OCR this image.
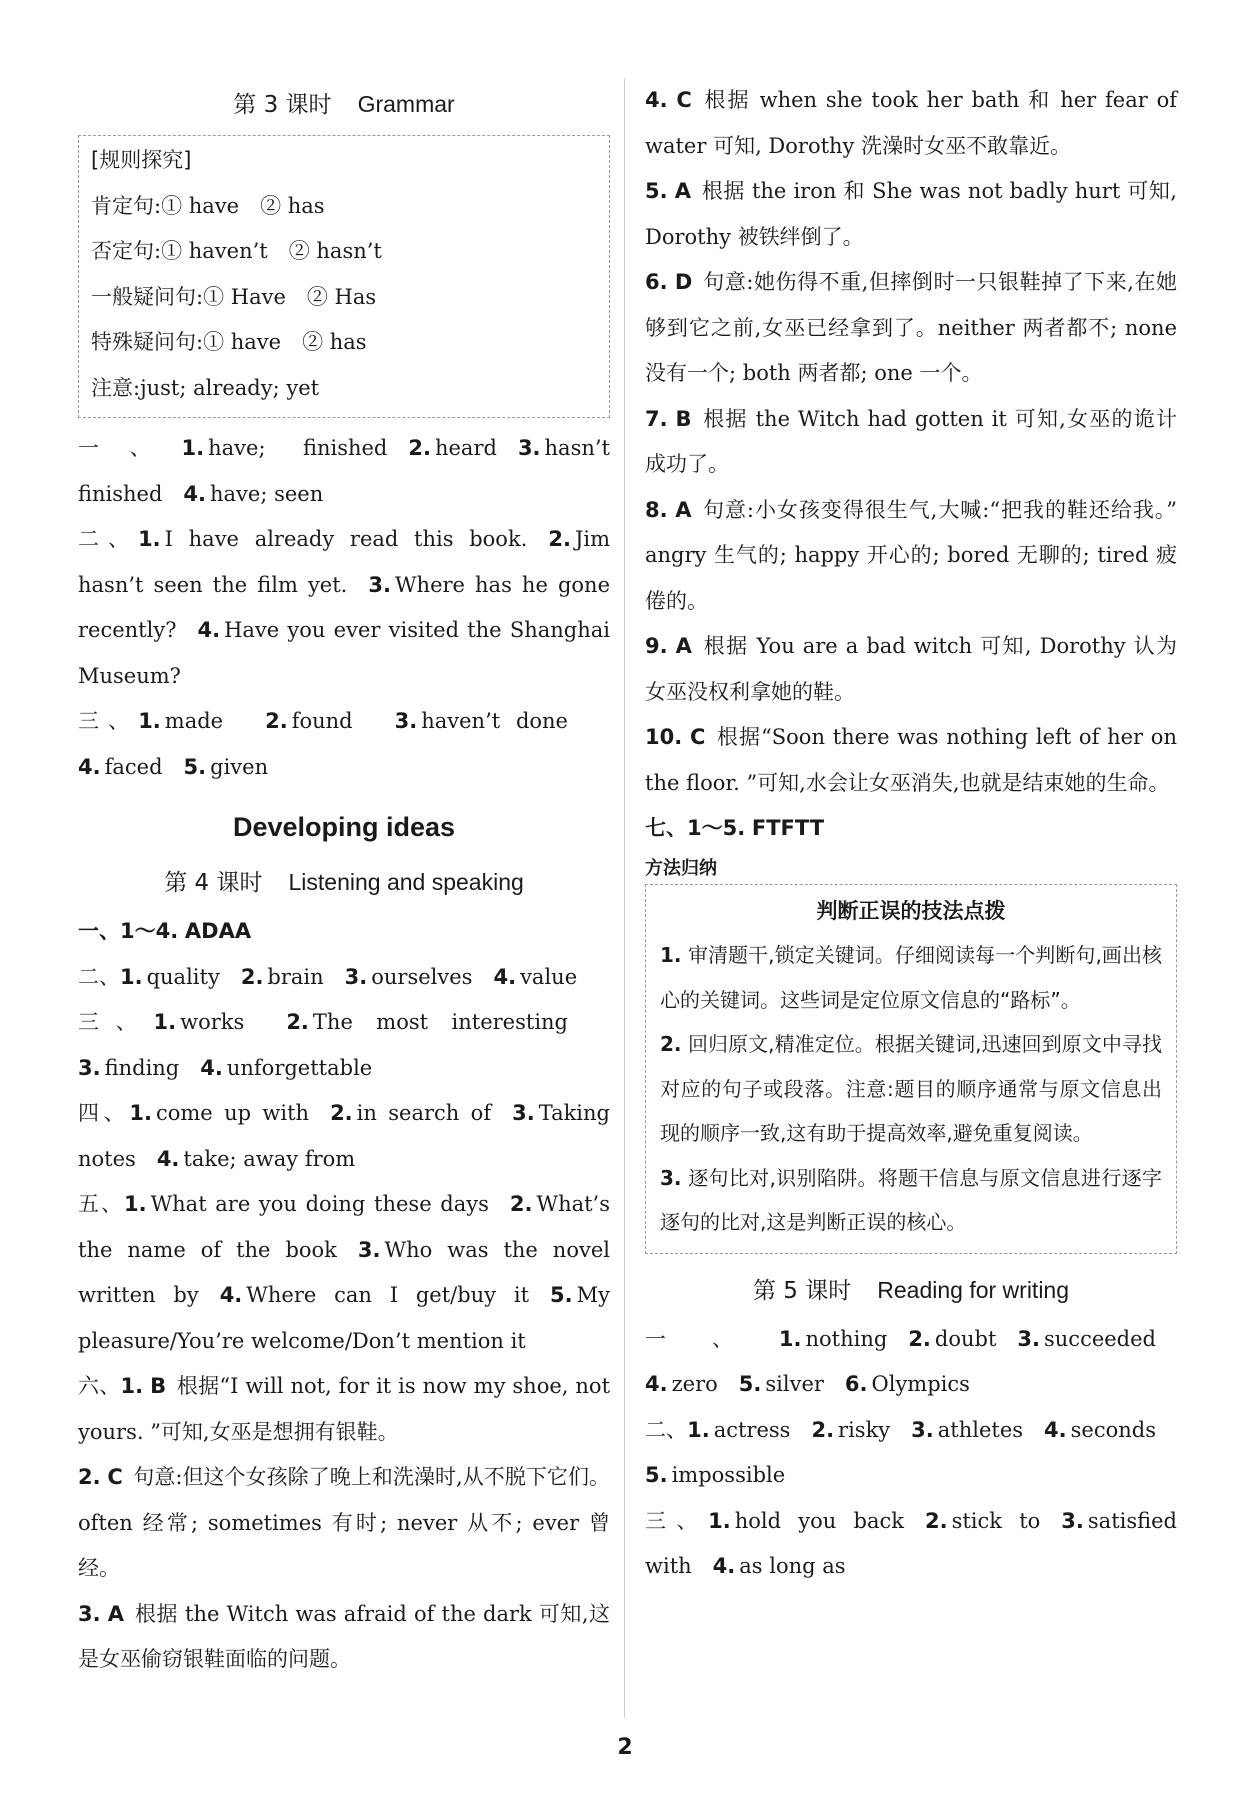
第 3 课时 Grammar

[规则探究]

肯定句:① have　② has

否定句:① haven’t　② hasn’t

一般疑问句:① Have　② Has

特殊疑问句:① have　② has

注意:just; already; yet

一、1. have; finished  2. heard  3. hasn’t finished  4. have; seen

二、1. I have already read this book.  2. Jim hasn’t seen the film yet.  3. Where has he gone recently?  4. Have you ever visited the Shanghai Museum?

三、1. made   2. found   3. haven’t done  4. faced  5. given

Developing ideas

第 4 课时 Listening and speaking

一、1～4. ADAA

二、1. quality  2. brain  3. ourselves  4. value

三、1. works   2. The most interesting  3. finding  4. unforgettable

四、1. come up with  2. in search of  3. Taking notes  4. take; away from

五、1. What are you doing these days  2. What’s the name of the book  3. Who was the novel written by  4. Where can I get/buy it  5. My pleasure/You’re welcome/Don’t mention it

六、1. B  根据“I will not, for it is now my shoe, not yours. ”可知,女巫是想拥有银鞋。

2. C  句意:但这个女孩除了晚上和洗澡时,从不脱下它们。often 经常; sometimes 有时; never 从不; ever 曾经。

3. A  根据 the Witch was afraid of the dark 可知,这是女巫偷窃银鞋面临的问题。

4. C  根据 when she took her bath 和 her fear of water 可知, Dorothy 洗澡时女巫不敢靠近。

5. A  根据 the iron 和 She was not badly hurt 可知, Dorothy 被铁绊倒了。

6. D  句意:她伤得不重,但摔倒时一只银鞋掉了下来,在她够到它之前,女巫已经拿到了。neither 两者都不; none 没有一个; both 两者都; one 一个。

7. B  根据 the Witch had gotten it 可知,女巫的诡计成功了。

8. A  句意:小女孩变得很生气,大喊:“把我的鞋还给我。” angry 生气的; happy 开心的; bored 无聊的; tired 疲倦的。

9. A  根据 You are a bad witch 可知, Dorothy 认为女巫没权利拿她的鞋。

10. C  根据“Soon there was nothing left of her on the floor. ”可知,水会让女巫消失,也就是结束她的生命。

七、1～5. FTFTT

方法归纳

判断正误的技法点拨

1. 审清题干,锁定关键词。仔细阅读每一个判断句,画出核心的关键词。这些词是定位原文信息的“路标”。

2. 回归原文,精准定位。根据关键词,迅速回到原文中寻找对应的句子或段落。注意:题目的顺序通常与原文信息出现的顺序一致,这有助于提高效率,避免重复阅读。

3. 逐句比对,识别陷阱。将题干信息与原文信息进行逐字逐句的比对,这是判断正误的核心。

第 5 课时 Reading for writing

一、1. nothing  2. doubt  3. succeeded 4. zero  5. silver  6. Olympics

二、1. actress  2. risky  3. athletes  4. seconds 5. impossible

三、1. hold you back  2. stick to  3. satisfied with  4. as long as

2
